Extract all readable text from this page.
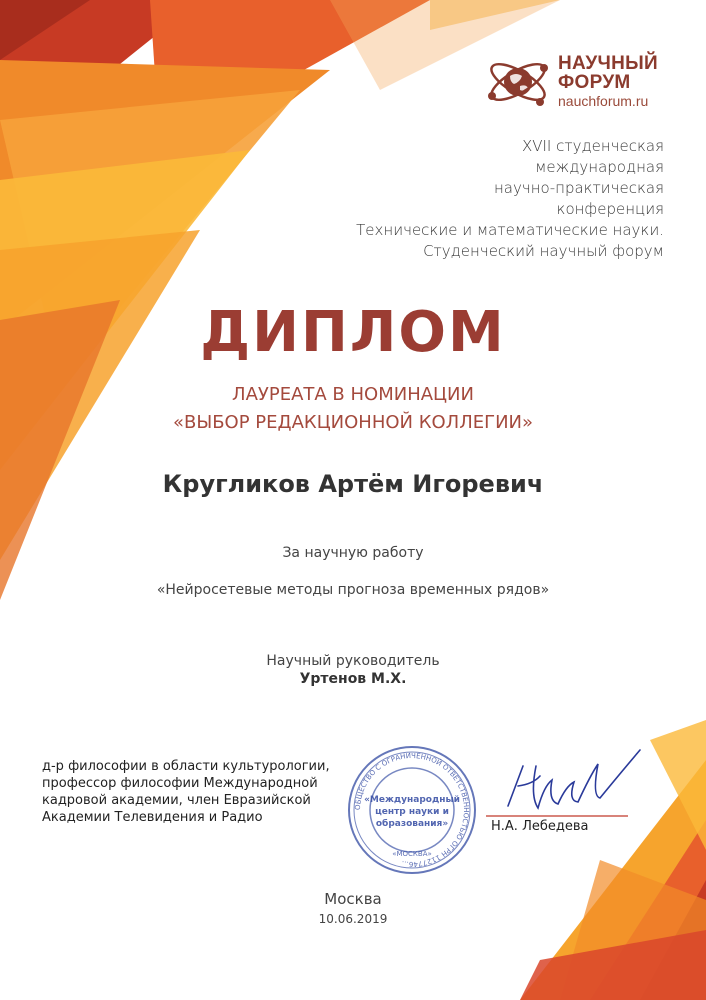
НАУЧНЫЙ
ФОРУМ
nauchforum.ru
XVII студенческая
международная
научно-практическая
конференция
Технические и математические науки.
Студенческий научный форум
ДИПЛОМ
ЛАУРЕАТА В НОМИНАЦИИ
«ВЫБОР РЕДАКЦИОННОЙ КОЛЛЕГИИ»
Кругликов Артём Игоревич
За научную работу
«Нейросетевые методы прогноза временных рядов»
Научный руководитель
Уртенов М.Х.
д-р философии в области культурологии,
профессор философии Международной
кадровой академии, член Евразийской
Академии Телевидения и Радио
ОБЩЕСТВО С ОГРАНИЧЕННОЙ ОТВЕТСТВЕННОСТЬЮ ОГРН 1127746…
«Международный
центр науки и
образования»
«МОСКВА»
Н.А. Лебедева
Москва
10.06.2019
